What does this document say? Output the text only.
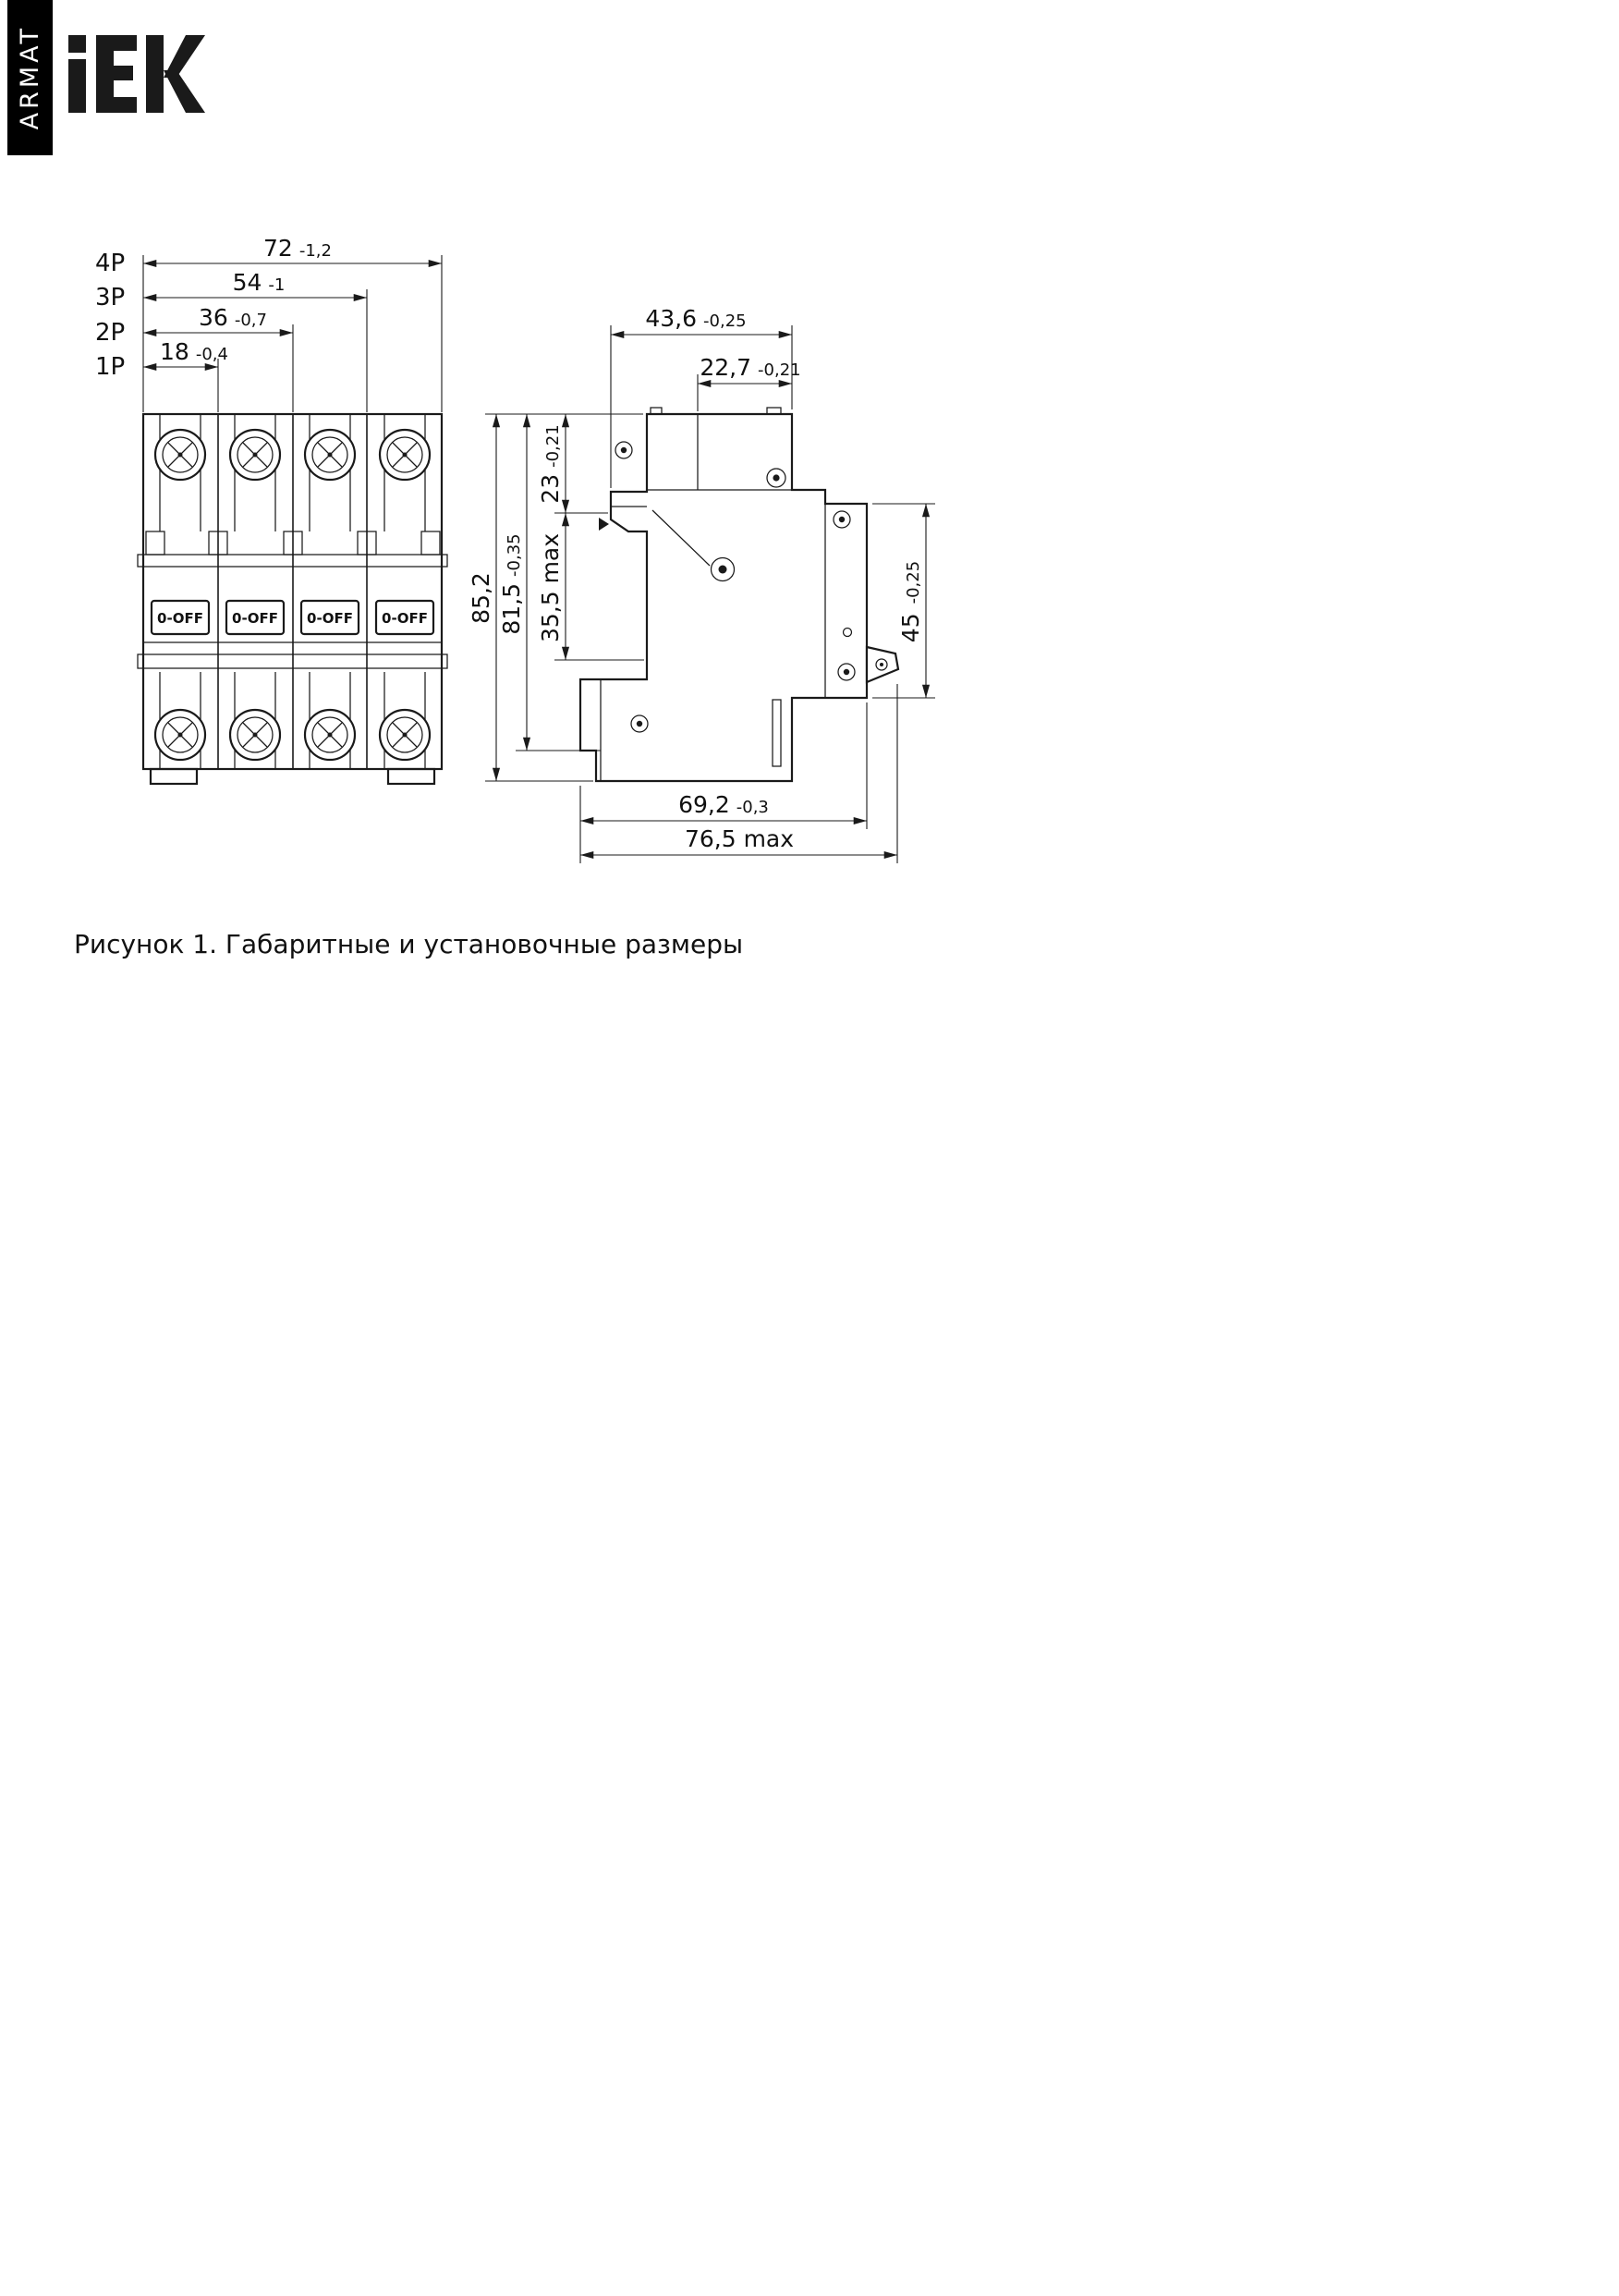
ARMAT
0-OFF 0-OFF 0-OFF 0-OFF
4P
72 -1,2
3P
54 -1
2P
36 -0,7
1P
18 -0,4
43,6 -0,25
22,7 -0,21
85,2 81,5-0,35
23-0,21
35,5 max	45-0,25
69,2 -0,3
76,5 max
Рисунок 1. Габаритные и установочные размеры
